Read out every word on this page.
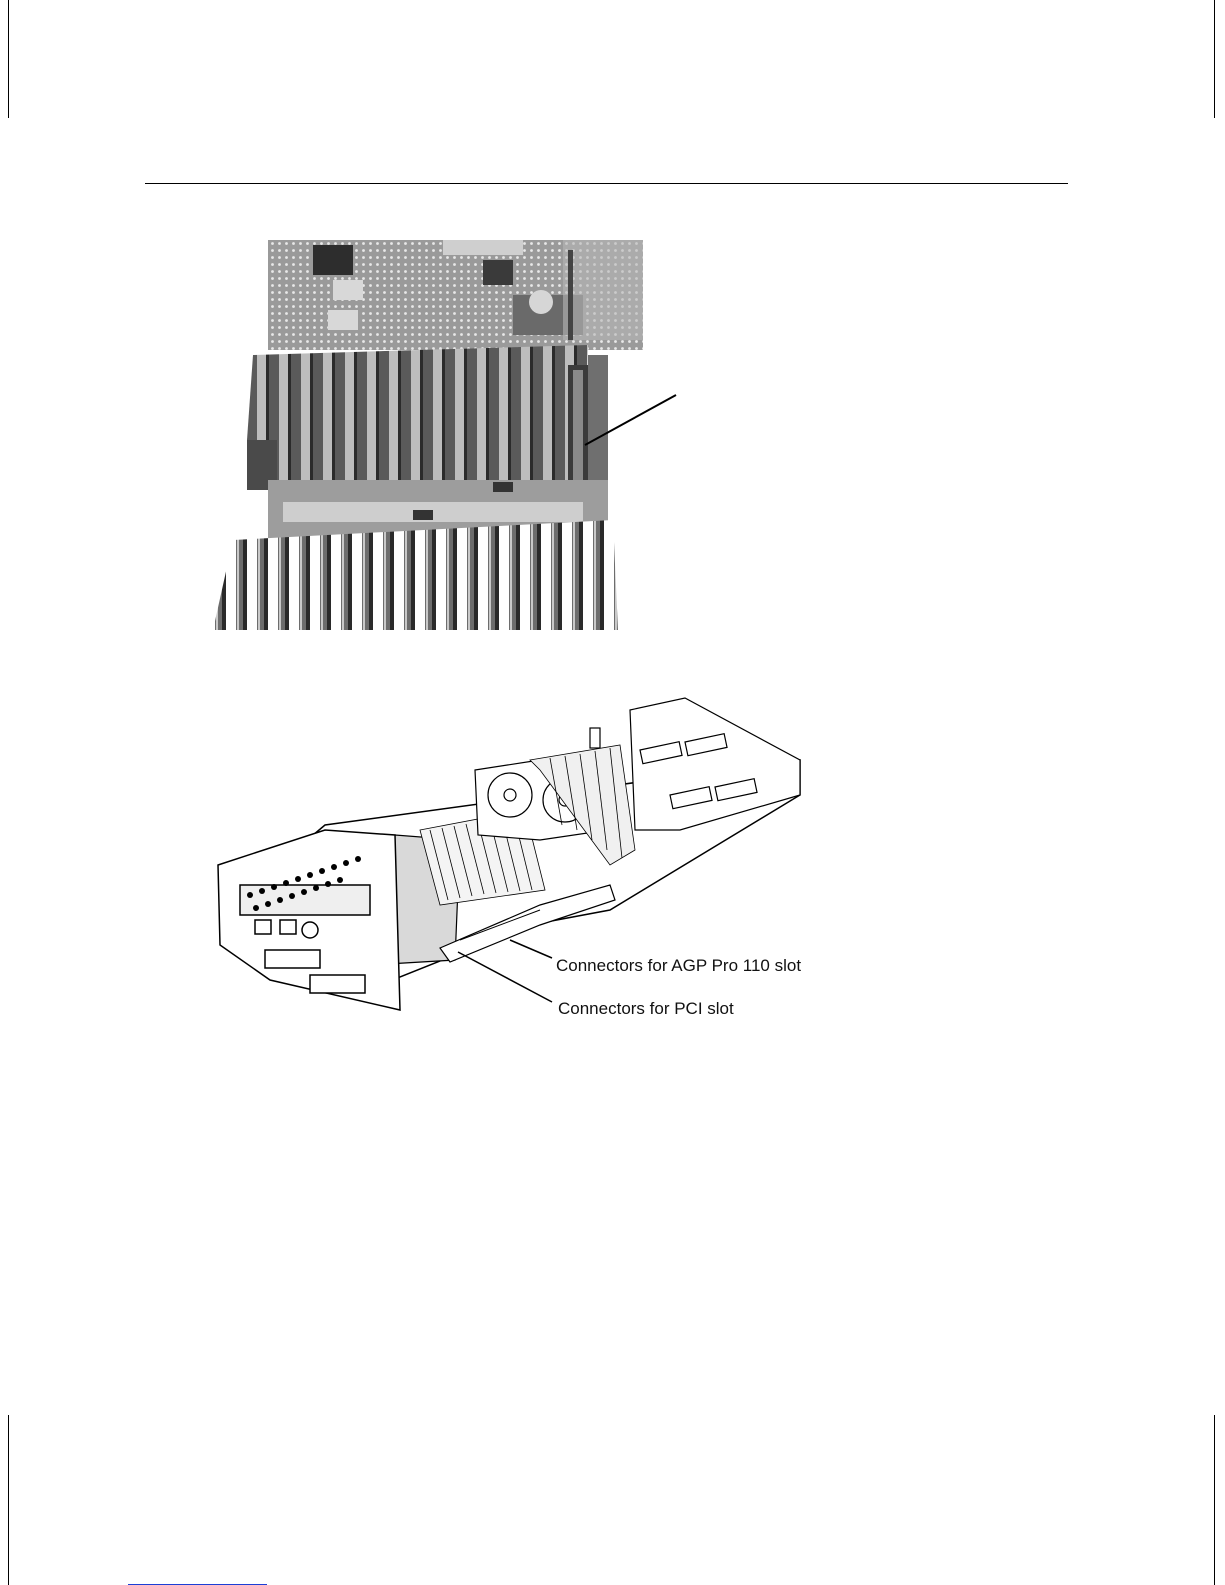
Connectors for AGP Pro 110 slot
Connectors for PCI slot
